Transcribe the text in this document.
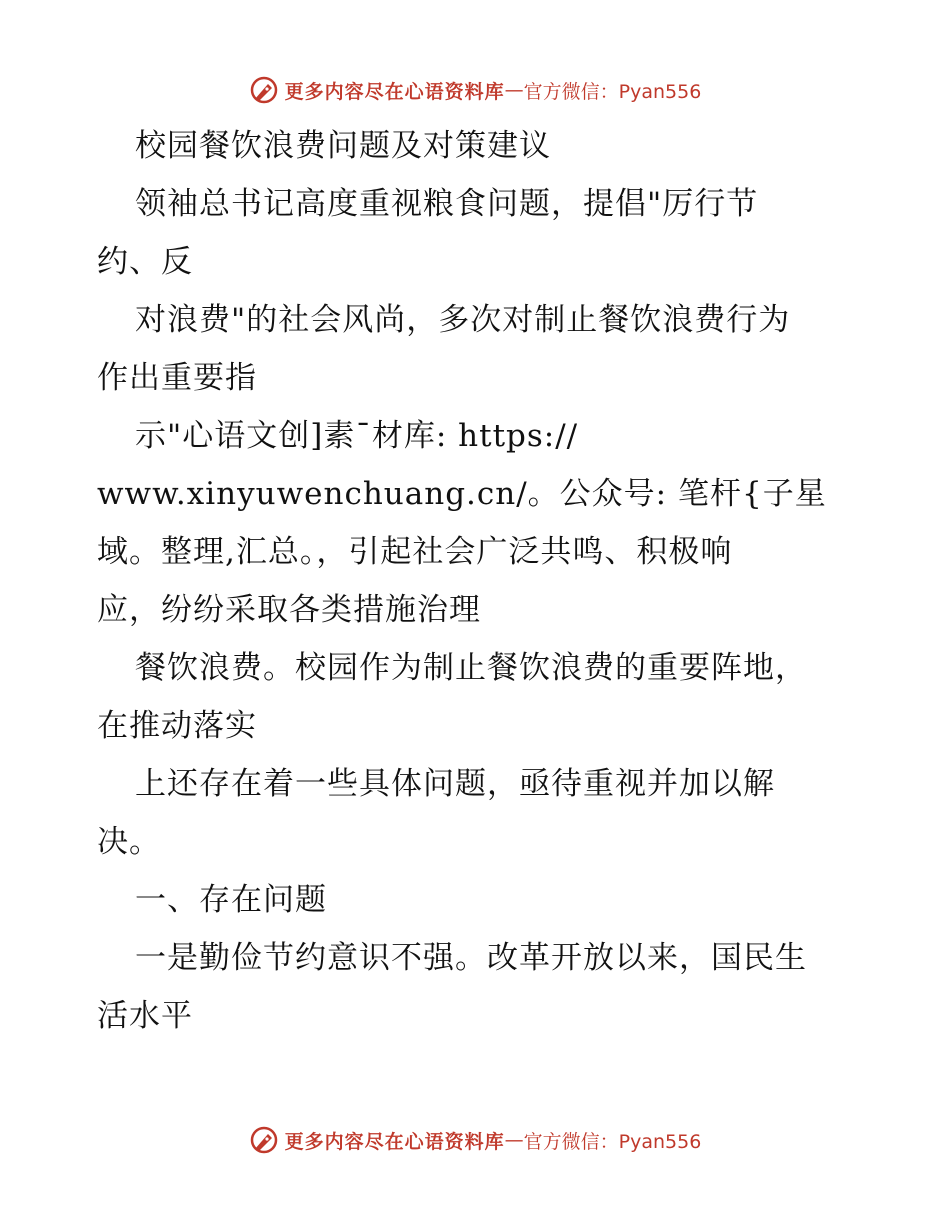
更多内容尽在心语资料库 — 官方微信：Pyan556
校园餐饮浪费问题及对策建议
领袖总书记高度重视粮食问题，提倡"厉行节
约、反
对浪费"的社会风尚，多次对制止餐饮浪费行为
作出重要指
示"心语文创]素¯材库: https://
www.xinyuwenchuang.cn/。公众号: 笔杆{子星
域。整理,汇总。，引起社会广泛共鸣、积极响
应，纷纷采取各类措施治理
餐饮浪费。校园作为制止餐饮浪费的重要阵地，
在推动落实
上还存在着一些具体问题，亟待重视并加以解
决。
一、存在问题
一是勤俭节约意识不强。改革开放以来，国民生
活水平
更多内容尽在心语资料库 — 官方微信：Pyan556
